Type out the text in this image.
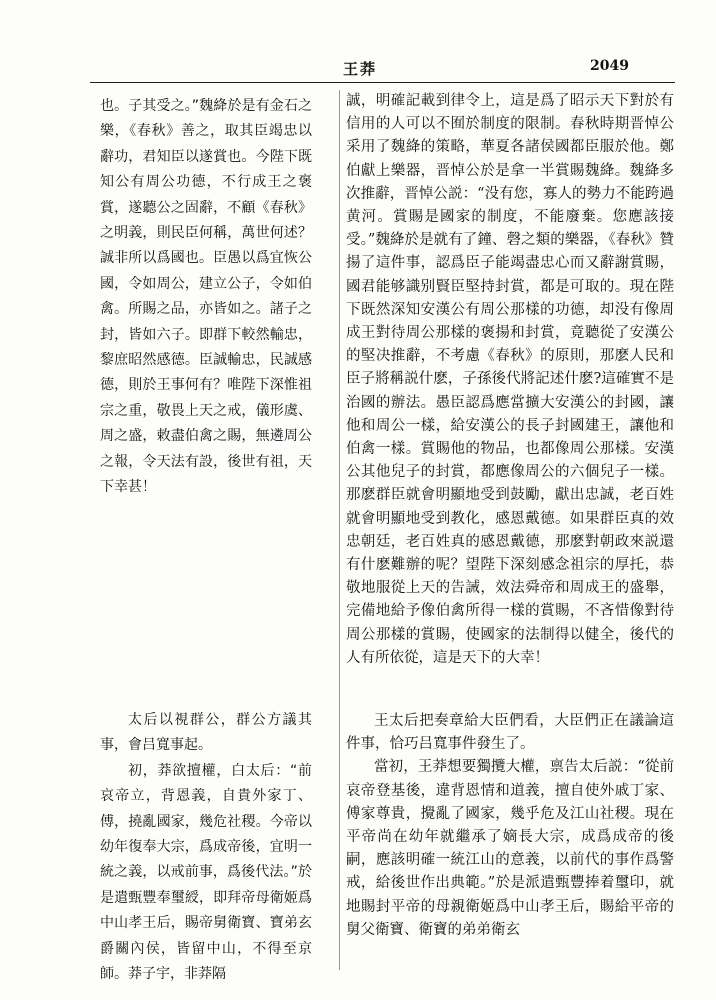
王莽	2049

也。子其受之。”魏絳於是有金石之樂，《春秋》善之，取其臣竭忠以辭功，君知臣以遂賞也。今陛下既知公有周公功德，不行成王之褒賞，遂聽公之固辭，不顧《春秋》之明義，則民臣何稱，萬世何述？誠非所以爲國也。臣愚以爲宜恢公國，令如周公，建立公子，令如伯禽。所賜之品，亦皆如之。諸子之封，皆如六子。即群下較然輸忠，黎庶昭然感德。臣誠輸忠，民誠感德，則於王事何有？唯陛下深惟祖宗之重，敬畏上天之戒，儀形虞、周之盛，敕盡伯禽之賜，無遴周公之報，令天法有設，後世有祖，天下幸甚！

太后以視群公，群公方議其事，會吕寬事起。

初，莽欲擅權，白太后：“前哀帝立，背恩義，自貴外家丁、傅，撓亂國家，幾危社稷。今帝以幼年復奉大宗，爲成帝後，宜明一統之義，以戒前事，爲後代法。”於是遣甄豐奉璽綬，即拜帝母衛姬爲中山孝王后，賜帝舅衛寶、寶弟玄爵關內侯，皆留中山，不得至京師。莽子宇，非莽隔

誠，明確記載到律令上，這是爲了昭示天下對於有信用的人可以不囿於制度的限制。春秋時期晋悼公采用了魏絳的策略，華夏各諸侯國都臣服於他。鄭伯獻上樂器，晋悼公於是拿一半賞賜魏絳。魏絳多次推辭，晋悼公説：“没有您，寡人的勢力不能跨過黄河。賞賜是國家的制度，不能廢棄。您應該接受。”魏絳於是就有了鐘、磬之類的樂器，《春秋》贊揚了這件事，認爲臣子能竭盡忠心而又辭謝賞賜，國君能够識别賢臣堅持封賞，都是可取的。現在陛下既然深知安漢公有周公那樣的功德，却没有像周成王對待周公那樣的褒揚和封賞，竟聽從了安漢公的堅决推辭，不考慮《春秋》的原則，那麽人民和臣子將稱説什麽，子孫後代將記述什麽?這確實不是治國的辦法。愚臣認爲應當擴大安漢公的封國，讓他和周公一樣，給安漢公的長子封國建王，讓他和伯禽一樣。賞賜他的物品，也都像周公那樣。安漢公其他兒子的封賞，都應像周公的六個兒子一樣。那麽群臣就會明顯地受到鼓勵，獻出忠誠，老百姓就會明顯地受到教化，感恩戴德。如果群臣真的效忠朝廷，老百姓真的感恩戴德，那麽對朝政來説還有什麽難辦的呢？望陛下深刻感念祖宗的厚托，恭敬地服從上天的告誡，效法舜帝和周成王的盛舉，完備地給予像伯禽所得一樣的賞賜，不吝惜像對待周公那樣的賞賜，使國家的法制得以健全，後代的人有所依從，這是天下的大幸！

王太后把奏章給大臣們看，大臣們正在議論這件事，恰巧吕寬事件發生了。

當初，王莽想要獨攬大權，禀告太后説：“從前哀帝登基後，違背恩情和道義，擅自使外戚丁家、傅家尊貴，攪亂了國家，幾乎危及江山社稷。現在平帝尚在幼年就繼承了嫡長大宗，成爲成帝的後嗣，應該明確一統江山的意義，以前代的事作爲警戒，給後世作出典範。”於是派遣甄豐捧着璽印，就地賜封平帝的母親衛姬爲中山孝王后，賜給平帝的舅父衛寶、衛寶的弟弟衛玄
